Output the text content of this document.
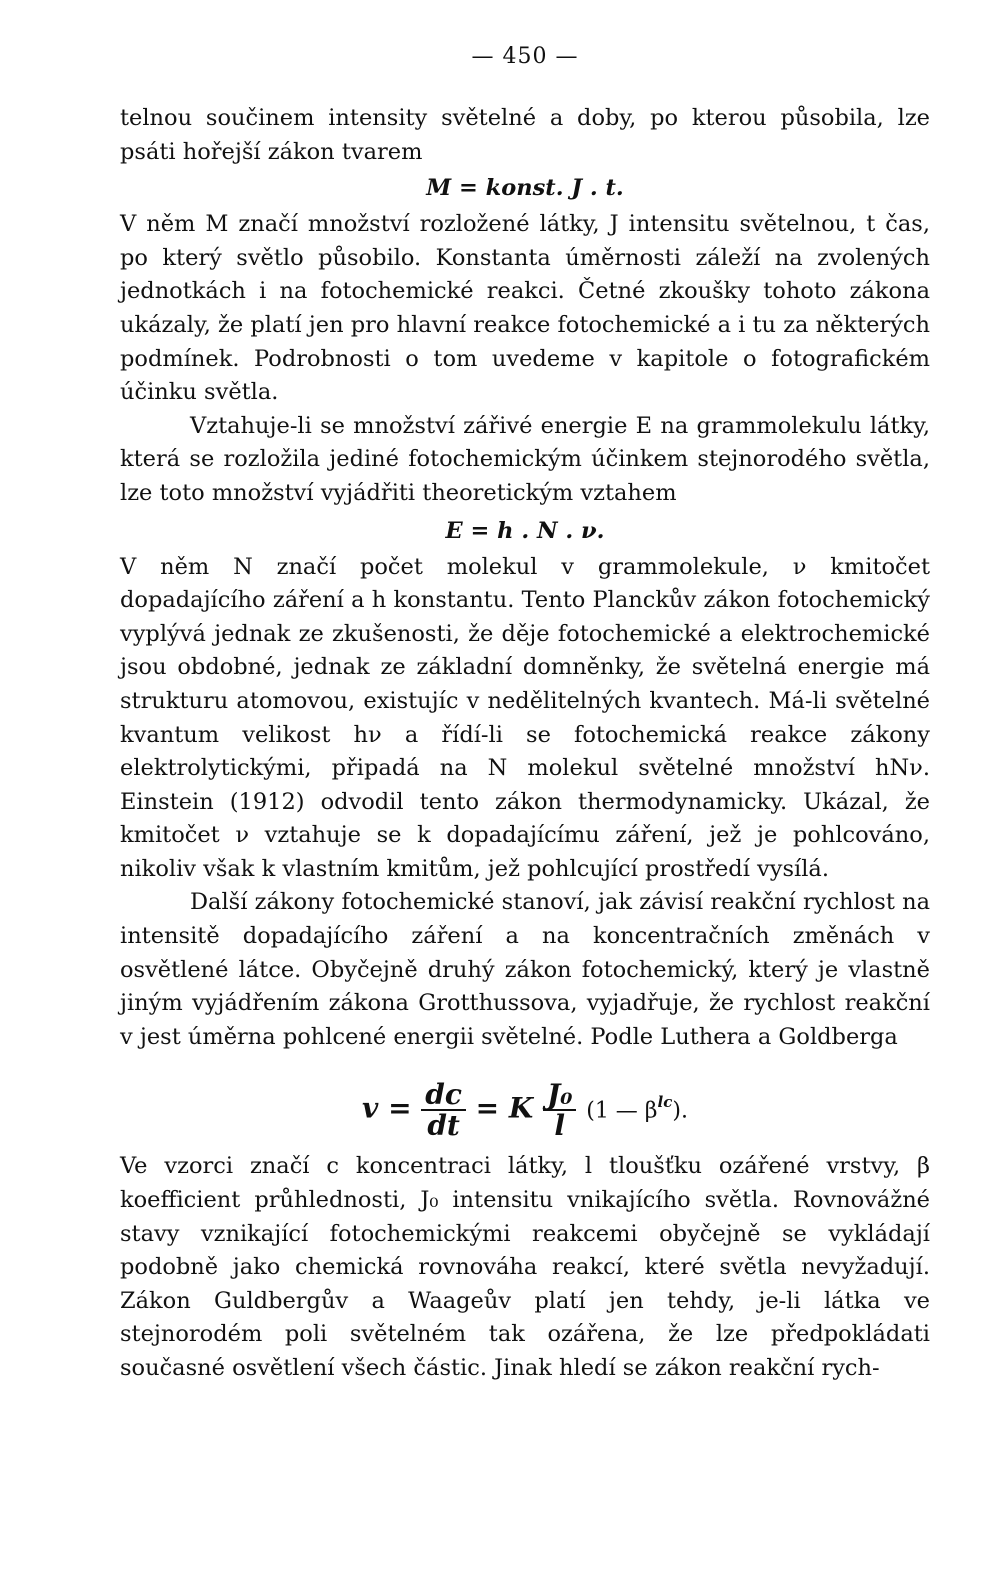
— 450 —

telnou součinem intensity světelné a doby, po kterou působila, lze psáti hořejší zákon tvarem

M = konst. J . t.

V něm M značí množství rozložené látky, J intensitu světelnou, t čas, po který světlo působilo. Konstanta úměrnosti záleží na zvolených jednotkách i na fotochemické reakci. Četné zkoušky tohoto zákona ukázaly, že platí jen pro hlavní reakce fotochemické a i tu za některých podmínek. Podrobnosti o tom uvedeme v kapitole o fotografickém účinku světla.

Vztahuje-li se množství zářivé energie E na grammolekulu látky, která se rozložila jediné fotochemickým účinkem stejnorodého světla, lze toto množství vyjádřiti theoretickým vztahem

E = h . N . ν.

V něm N značí počet molekul v grammolekule, ν kmitočet dopadajícího záření a h konstantu. Tento Planckův zákon fotochemický vyplývá jednak ze zkušenosti, že děje fotochemické a elektrochemické jsou obdobné, jednak ze základní domněnky, že světelná energie má strukturu atomovou, existujíc v nedělitelných kvantech. Má-li světelné kvantum velikost hν a řídí-li se fotochemická reakce zákony elektrolytickými, připadá na N molekul světelné množství hNν. Einstein (1912) odvodil tento zákon thermodynamicky. Ukázal, že kmitočet ν vztahuje se k dopadajícímu záření, jež je pohlcováno, nikoliv však k vlastním kmitům, jež pohlcující prostředí vysílá.

Další zákony fotochemické stanoví, jak závisí reakční rychlost na intensitě dopadajícího záření a na koncentračních změnách v osvětlené látce. Obyčejně druhý zákon fotochemický, který je vlastně jiným vyjádřením zákona Grotthussova, vyjadřuje, že rychlost reakční v jest úměrna pohlcené energii světelné. Podle Luthera a Goldberga

$v = \frac{dc}{dt} = K \frac{\text{J₀}}{l} (1$ — $\beta^{lc}$).

Ve vzorci značí c koncentraci látky, l tloušťku ozářené vrstvy, β koefficient průhlednosti, J₀ intensitu vnikajícího světla. Rovnovážné stavy vznikající fotochemickými reakcemi obyčejně se vykládají podobně jako chemická rovnováha reakcí, které světla nevyžadují. Zákon Guldbergův a Waageův platí jen tehdy, je-li látka ve stejnorodém poli světelném tak ozářena, že lze předpokládati současné osvětlení všech částic. Jinak hledí se zákon reakční rych-
